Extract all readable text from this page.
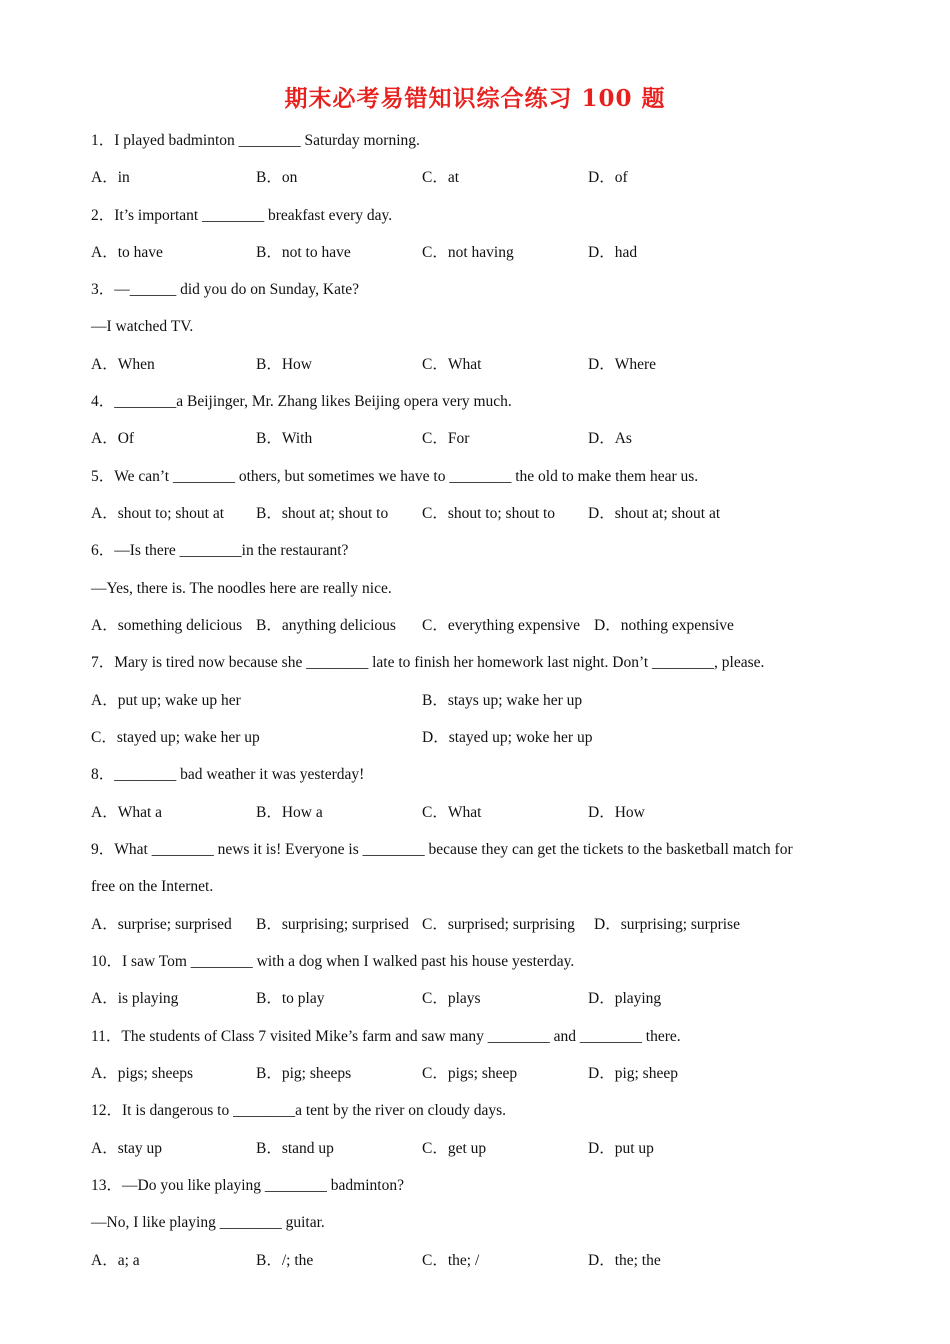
期末必考易错知识综合练习 100 题
1．I played badminton ________ Saturday morning.
A．in	B．on	C．at	D．of
2．It’s important ________ breakfast every day.
A．to have	B．not to have	C．not having	D．had
3．—______ did you do on Sunday, Kate?
—I watched TV.
A．When	B．How	C．What	D．Where
4．________a Beijinger, Mr. Zhang likes Beijing opera very much.
A．Of	B．With	C．For	D．As
5．We can’t ________ others, but sometimes we have to ________ the old to make them hear us.
A．shout to; shout at B．shout at; shout to C．shout to; shout to D．shout at; shout at
6．—Is there ________in the restaurant?
—Yes, there is. The noodles here are really nice.
A．something delicious B．anything delicious C．everything expensive D．nothing expensive
7．Mary is tired now because she ________ late to finish her homework last night. Don’t ________, please.
A．put up; wake up her	B．stays up; wake her up
C．stayed up; wake her up	D．stayed up; woke her up
8．________ bad weather it was yesterday!
A．What a	B．How a	C．What	D．How
9．What ________ news it is! Everyone is ________ because they can get the tickets to the basketball match for
free on the Internet.
A．surprise; surprised B．surprising; surprised C．surprised; surprising D．surprising; surprise
10．I saw Tom ________ with a dog when I walked past his house yesterday.
A．is playing	B．to play	C．plays	D．playing
11．The students of Class 7 visited Mike’s farm and saw many ________ and ________ there.
A．pigs; sheeps	B．pig; sheeps	C．pigs; sheep	D．pig; sheep
12．It is dangerous to ________a tent by the river on cloudy days.
A．stay up	B．stand up	C．get up	D．put up
13．—Do you like playing ________ badminton?
—No, I like playing ________ guitar.
A．a; a	B．/; the	C．the; /	D．the; the
